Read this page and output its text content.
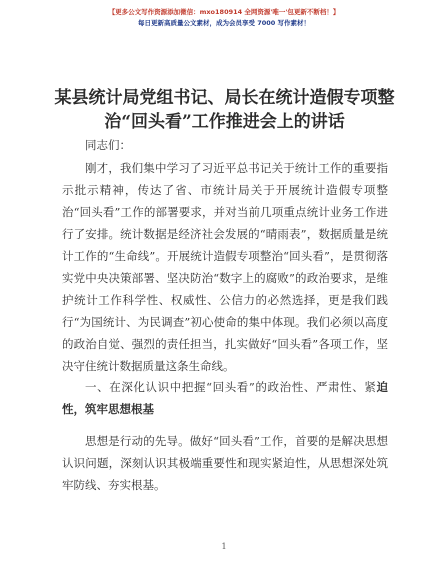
【更多公文写作资源添加微信：mxo180914 全网资源'唯一'包更新不断档！】
每日更新高质量公文素材，成为会员享受 7000 写作素材！
某县统计局党组书记、局长在统计造假专项整治“回头看”工作推进会上的讲话

同志们：

刚才，我们集中学习了习近平总书记关于统计工作的重要指示批示精神，传达了省、市统计局关于开展统计造假专项整治“回头看”工作的部署要求，并对当前几项重点统计业务工作进行了安排。统计数据是经济社会发展的“晴雨表”，数据质量是统计工作的“生命线”。开展统计造假专项整治“回头看”，是贯彻落实党中央决策部署、坚决防治“数字上的腐败”的政治要求，是维护统计工作科学性、权威性、公信力的必然选择，更是我们践行“为国统计、为民调查”初心使命的集中体现。我们必须以高度的政治自觉、强烈的责任担当，扎实做好“回头看”各项工作，坚决守住统计数据质量这条生命线。

一、在深化认识中把握“回头看”的政治性、严肃性、紧迫性，筑牢思想根基

思想是行动的先导。做好“回头看”工作，首要的是解决思想认识问题，深刻认识其极端重要性和现实紧迫性，从思想深处筑牢防线、夯实根基。

1
